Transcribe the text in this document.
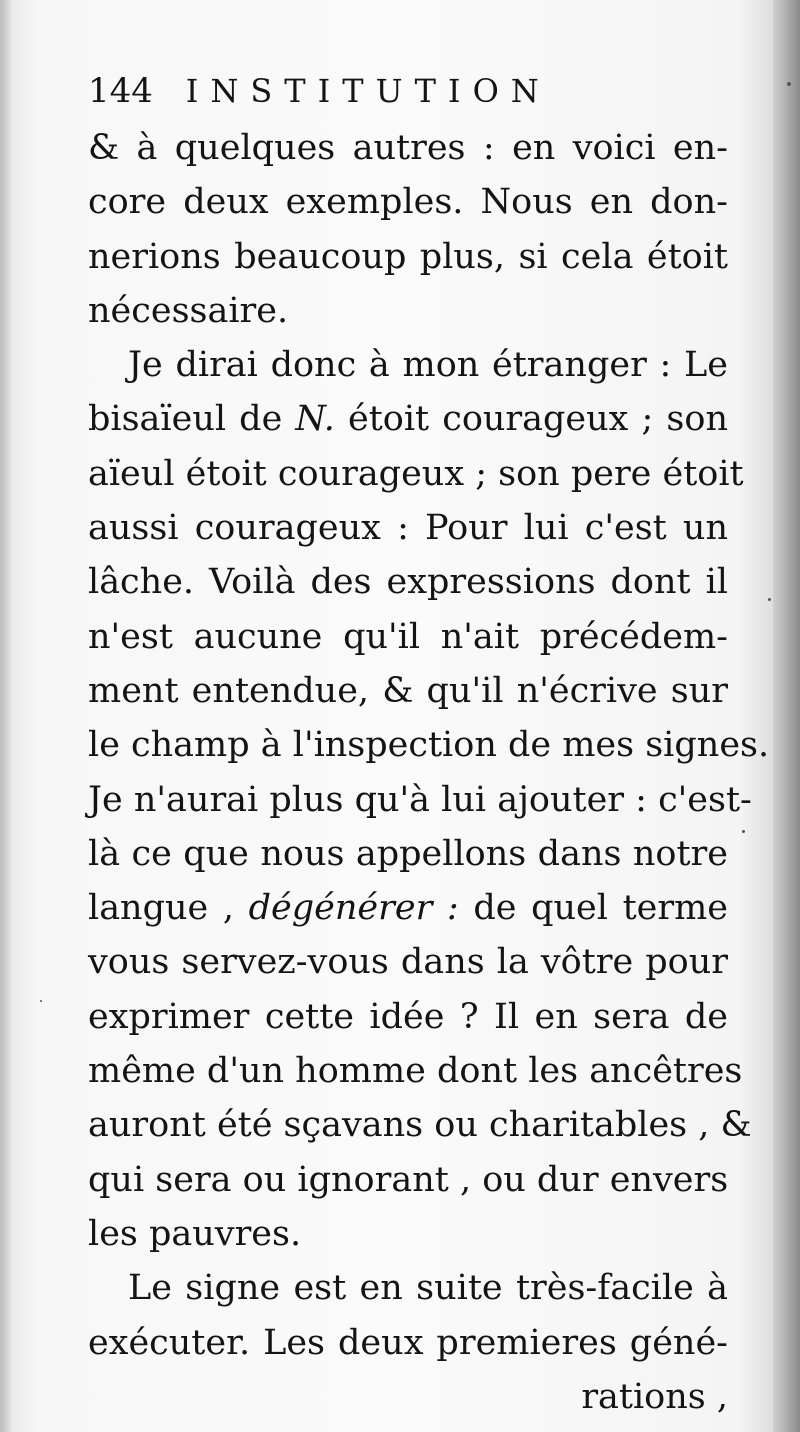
144 INSTITUTION
& à quelques autres : en voici en-
core deux exemples. Nous en don-
nerions beaucoup plus, si cela étoit
nécessaire.
Je dirai donc à mon étranger : Le
bisaïeul de N. étoit courageux ; son
aïeul étoit courageux ; son pere étoit
aussi courageux : Pour lui c'est un
lâche. Voilà des expressions dont il
n'est aucune qu'il n'ait précédem-
ment entendue, & qu'il n'écrive sur
le champ à l'inspection de mes signes.
Je n'aurai plus qu'à lui ajouter : c'est-
là ce que nous appellons dans notre
langue , dégénérer : de quel terme
vous servez-vous dans la vôtre pour
exprimer cette idée ? Il en sera de
même d'un homme dont les ancêtres
auront été sçavans ou charitables , &
qui sera ou ignorant , ou dur envers
les pauvres.
Le signe est en suite très-facile à
exécuter. Les deux premieres géné-
rations ,
